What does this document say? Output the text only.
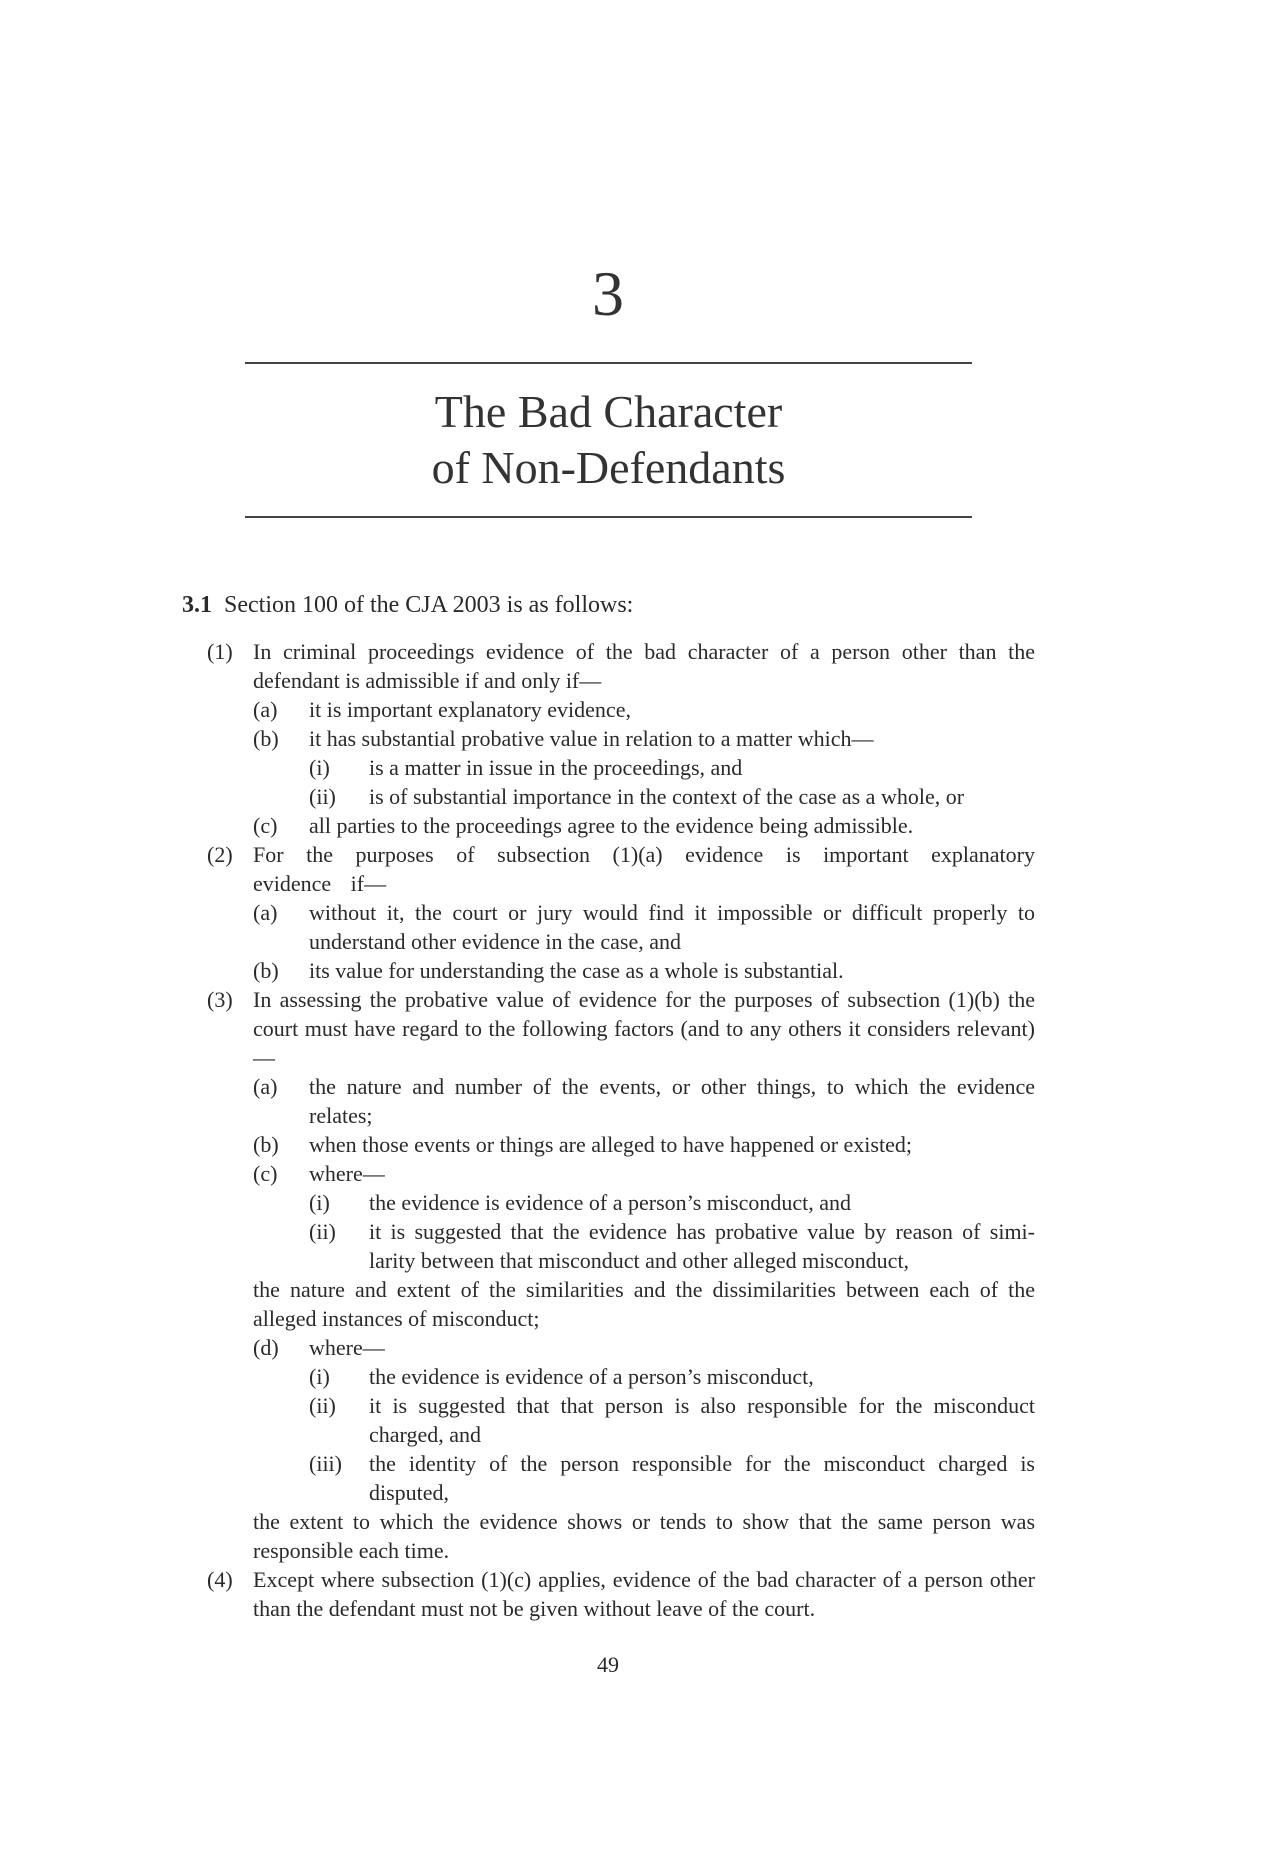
3
The Bad Character
of Non-Defendants
3.1 Section 100 of the CJA 2003 is as follows:
(1) In criminal proceedings evidence of the bad character of a person other than the defendant is admissible if and only if—
(a) it is important explanatory evidence,
(b) it has substantial probative value in relation to a matter which—
(i) is a matter in issue in the proceedings, and
(ii) is of substantial importance in the context of the case as a whole, or
(c) all parties to the proceedings agree to the evidence being admissible.
(2) For the purposes of subsection (1)(a) evidence is important explanatory evidence if—
(a) without it, the court or jury would find it impossible or difficult properly to understand other evidence in the case, and
(b) its value for understanding the case as a whole is substantial.
(3) In assessing the probative value of evidence for the purposes of subsection (1)(b) the court must have regard to the following factors (and to any others it considers relevant)—
(a) the nature and number of the events, or other things, to which the evidence relates;
(b) when those events or things are alleged to have happened or existed;
(c) where—
(i) the evidence is evidence of a person’s misconduct, and
(ii) it is suggested that the evidence has probative value by reason of simi-larity between that misconduct and other alleged misconduct,
the nature and extent of the similarities and the dissimilarities between each of the alleged instances of misconduct;
(d) where—
(i) the evidence is evidence of a person’s misconduct,
(ii) it is suggested that that person is also responsible for the misconduct charged, and
(iii) the identity of the person responsible for the misconduct charged is disputed,
the extent to which the evidence shows or tends to show that the same person was responsible each time.
(4) Except where subsection (1)(c) applies, evidence of the bad character of a person other than the defendant must not be given without leave of the court.
49
